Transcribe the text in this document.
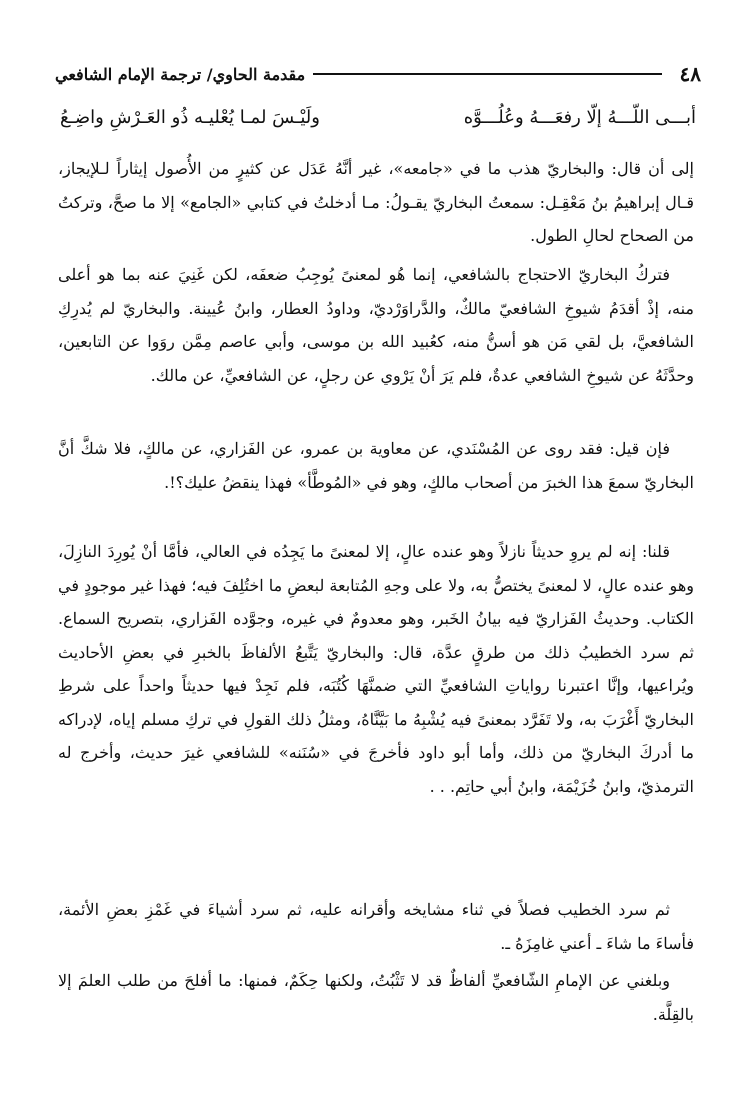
٤٨
مقدمة الحاوي/ ترجمة الإمام الشافعي
أبـــى اللّـــهُ إلّا رفعَـــهُ وعُلُـــوَّه
ولَيْـسَ لمـا يُعْليـه ذُو العَـرْشِ واضِـعُ

إلى أن قال: والبخاريّ هذب ما في «جامعه»، غير أنَّهُ عَدَل عن كثيرٍ من الأُصول إيثاراً لـلإيجاز، قـال إبراهيمُ بنُ مَعْقِـل: سمعتُ البخاريّ يقـولُ: مـا أدخلتُ في كتابي «الجامع» إلا ما صحَّ، وتركتُ من الصحاح لحالِ الطول.

فتركُ البخاريّ الاحتجاج بالشافعي، إنما هُو لمعنىً يُوجِبُ ضعفَه، لكن غَنِيَ عنه بما هو أعلى منه، إذْ أقدَمُ شيوخِ الشافعيّ مالكٌ، والدَّراوَرْديّ، وداودُ العطار، وابنُ عُيينة. والبخاريّ لم يُدرِكِ الشافعيَّ، بل لقي مَن هو أسنُّ منه، كعُبيد الله بن موسى، وأبي عاصم مِمَّن روَوا عن التابعين، وحدَّثَهُ عن شيوخِ الشافعي عدةٌ، فلم يَرَ أنْ يَرْوي عن رجلٍ، عن الشافعيِّ، عن مالك.

فإن قيل: فقد روى عن المُسْنَدي، عن معاوية بن عمرو، عن الفَزاري، عن مالكٍ، فلا شكَّ أنَّ البخاريّ سمعَ هذا الخبرَ من أصحاب مالكٍ، وهو في «المُوطَّأ» فهذا ينقضُ عليك؟!.

قلنا: إنه لم يروِ حديثاً نازلاً وهو عنده عالٍ، إلا لمعنىً ما يَجِدُه في العالي، فأمَّا أنْ يُورِدَ النازِلَ، وهو عنده عالٍ، لا لمعنىً يختصُّ به، ولا على وجهِ المُتابعة لبعضِ ما اختُلِفَ فيه؛ فهذا غير موجودٍ في الكتاب. وحديثُ الفَزاريّ فيه بيانُ الخَبر، وهو معدومٌ في غيره، وجوَّده الفَزاري، بتصريح السماع. ثم سرد الخطيبُ ذلك من طرقٍ عدَّة، قال: والبخاريّ يَتَّبعُ الألفاظَ بالخبرِ في بعضِ الأحاديث ويُراعيها، وإنَّا اعتبرنا رواياتِ الشافعيِّ التي ضمنَّهَا كُتُبَه، فلم نَجِدْ فيها حديثاً واحداً على شرطِ البخاريّ أَغْرَبَ به، ولا تَفَرَّد بمعنىً فيه يُشْبِهُ ما بَيَّنَّاهُ، ومثلُ ذلك القولِ في تركِ مسلم إياه، لإدراكه ما أدركَ البخاريّ من ذلك، وأما أبو داود فأخرجَ في «سُنَنه» للشافعي غيرَ حديث، وأخرج له الترمذيّ، وابنُ خُزَيْمَة، وابنُ أبي حاتِم. . .

ثم سرد الخطيب فصلاً في ثناء مشايخه وأقرانه عليه، ثم سرد أشياءَ في غَمْزِ بعضِ الأئمة، فأساءَ ما شاءَ ـ أعني غامِزَهُ ـ.

وبلغني عن الإمامِ الشّافعيِّ ألفاظٌ قد لا تَثْبُتُ، ولكنها حِكَمٌ، فمنها: ما أفلحَ من طلب العلمَ إلا بالقِلَّة.
